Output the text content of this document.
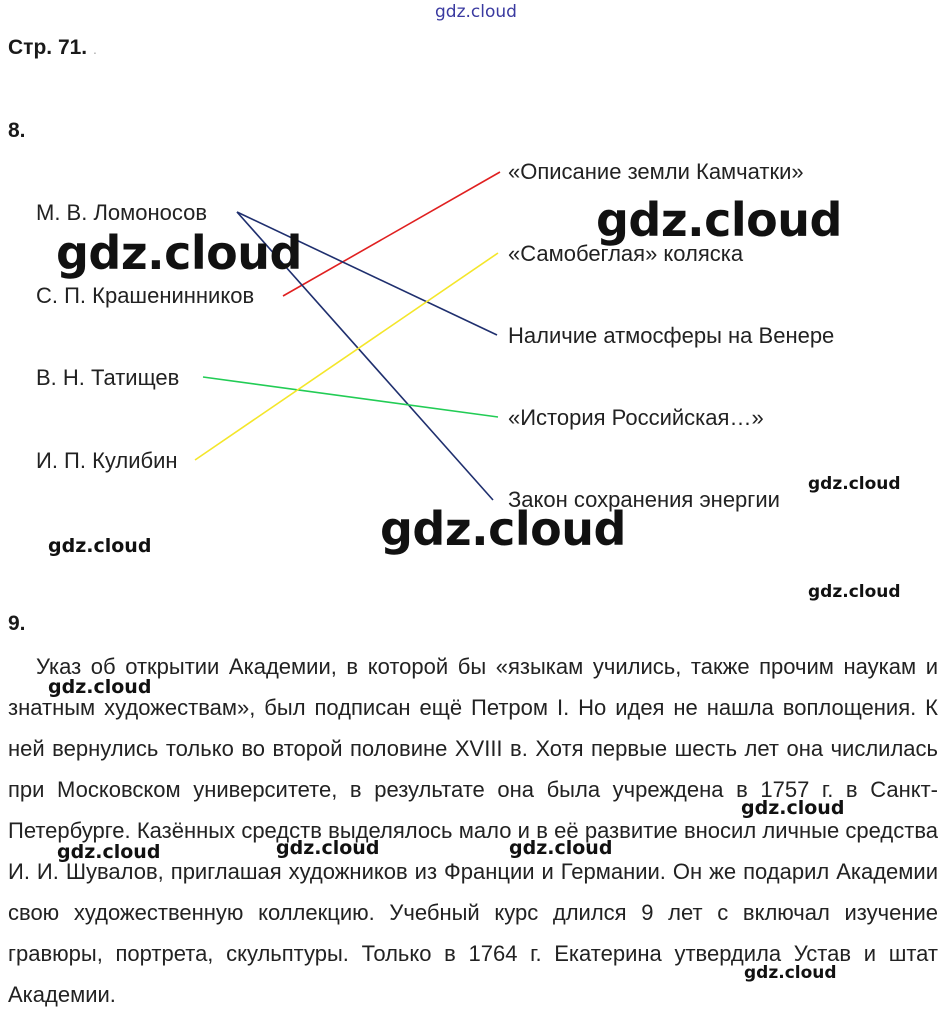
gdz.cloud
Стр. 71. .
8.
М. В. Ломоносов
С. П. Крашенинников
В. Н. Татищев
И. П. Кулибин
«Описание земли Камчатки»
«Самобеглая» коляска
Наличие атмосферы на Венере
«История Российская…»
Закон сохранения энергии
gdz.cloud
gdz.cloud
gdz.cloud
gdz.cloud
gdz.cloud
gdz.cloud
9.
Указ об открытии Академии, в которой бы «языкам учились, также прочим наукам и знатным художествам», был подписан ещё Петром I. Но идея не нашла воплощения. К ней вернулись только во второй половине XVIII в. Хотя первые шесть лет она числилась при Московском университете, в результате она была учреждена в 1757 г. в Санкт-Петербурге. Казённых средств выделялось мало и в её развитие вносил личные средства И. И. Шувалов, приглашая художников из Франции и Германии. Он же подарил Академии свою художественную коллекцию. Учебный курс длился 9 лет с включал изучение гравюры, портрета, скульптуры. Только в 1764 г. Екатерина утвердила Устав и штат Академии.
gdz.cloud
gdz.cloud
gdz.cloud	gdz.cloud	gdz.cloud
gdz.cloud
